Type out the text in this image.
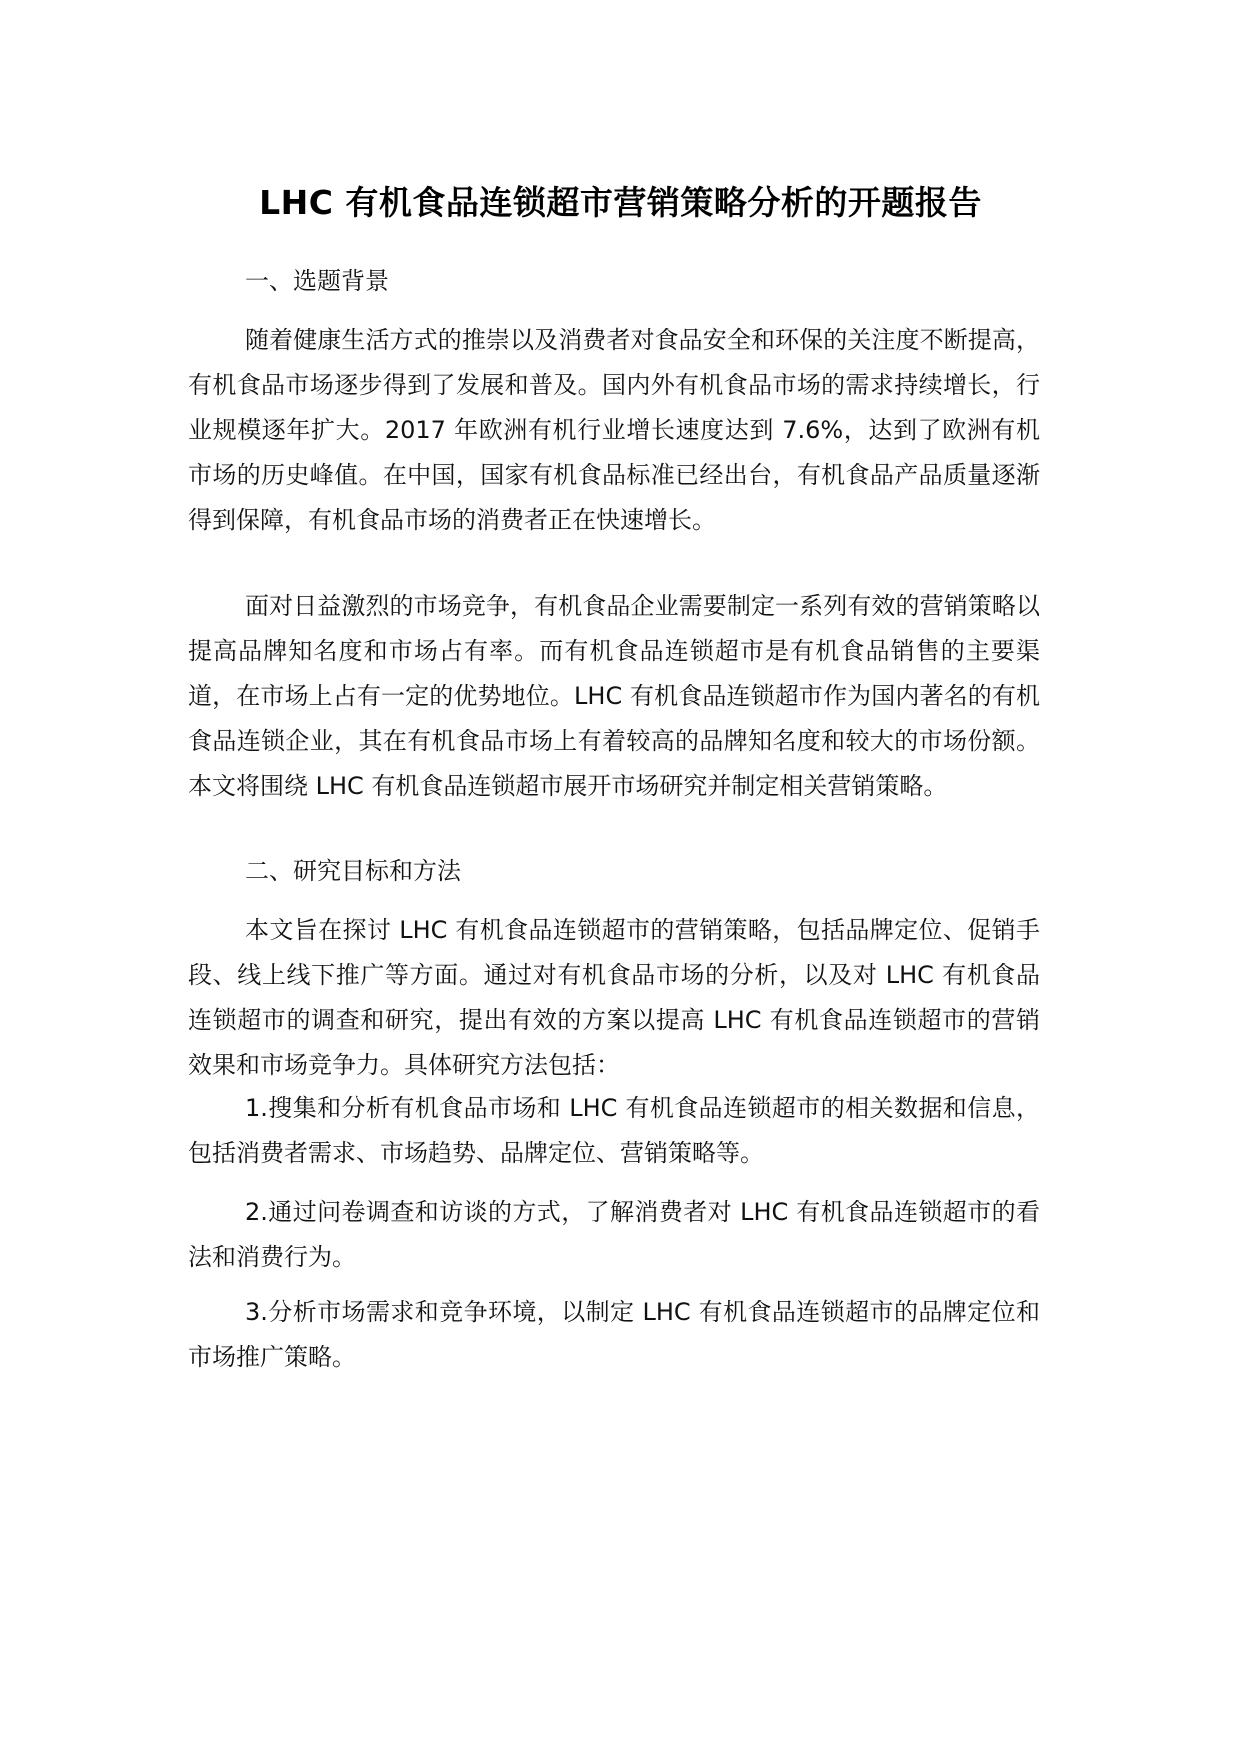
LHC 有机食品连锁超市营销策略分析的开题报告
一、选题背景
随着健康生活方式的推崇以及消费者对食品安全和环保的关注度不断提高，有机食品市场逐步得到了发展和普及。国内外有机食品市场的需求持续增长，行业规模逐年扩大。2017 年欧洲有机行业增长速度达到 7.6%，达到了欧洲有机市场的历史峰值。在中国，国家有机食品标准已经出台，有机食品产品质量逐渐得到保障，有机食品市场的消费者正在快速增长。
面对日益激烈的市场竞争，有机食品企业需要制定一系列有效的营销策略以提高品牌知名度和市场占有率。而有机食品连锁超市是有机食品销售的主要渠道，在市场上占有一定的优势地位。LHC 有机食品连锁超市作为国内著名的有机食品连锁企业，其在有机食品市场上有着较高的品牌知名度和较大的市场份额。本文将围绕 LHC 有机食品连锁超市展开市场研究并制定相关营销策略。
二、研究目标和方法
本文旨在探讨 LHC 有机食品连锁超市的营销策略，包括品牌定位、促销手段、线上线下推广等方面。通过对有机食品市场的分析，以及对 LHC 有机食品连锁超市的调查和研究，提出有效的方案以提高 LHC 有机食品连锁超市的营销效果和市场竞争力。具体研究方法包括：
1.搜集和分析有机食品市场和 LHC 有机食品连锁超市的相关数据和信息，包括消费者需求、市场趋势、品牌定位、营销策略等。
2.通过问卷调查和访谈的方式，了解消费者对 LHC 有机食品连锁超市的看法和消费行为。
3.分析市场需求和竞争环境，以制定 LHC 有机食品连锁超市的品牌定位和市场推广策略。
